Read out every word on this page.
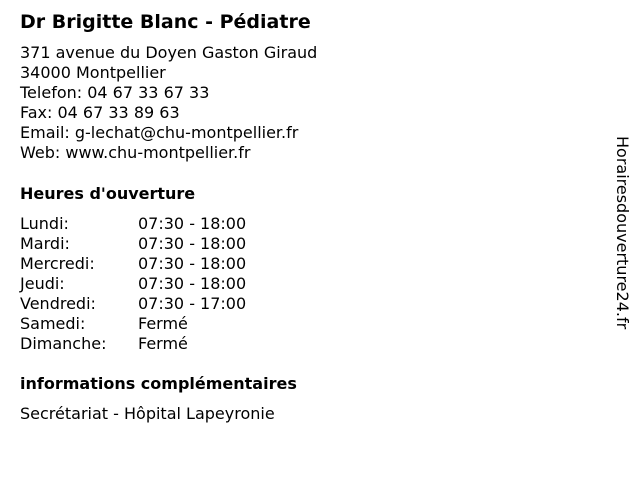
Dr Brigitte Blanc - Pédiatre
371 avenue du Doyen Gaston Giraud
34000 Montpellier
Telefon: 04 67 33 67 33
Fax: 04 67 33 89 63
Email: g-lechat@chu-montpellier.fr
Web: www.chu-montpellier.fr
Heures d'ouverture
Lundi:	07:30 - 18:00
Mardi:	07:30 - 18:00
Mercredi:	07:30 - 18:00
Jeudi:	07:30 - 18:00
Vendredi:	07:30 - 17:00
Samedi:	Fermé
Dimanche:	Fermé
informations complémentaires
Secrétariat - Hôpital Lapeyronie
Horairesdouverture24.fr
